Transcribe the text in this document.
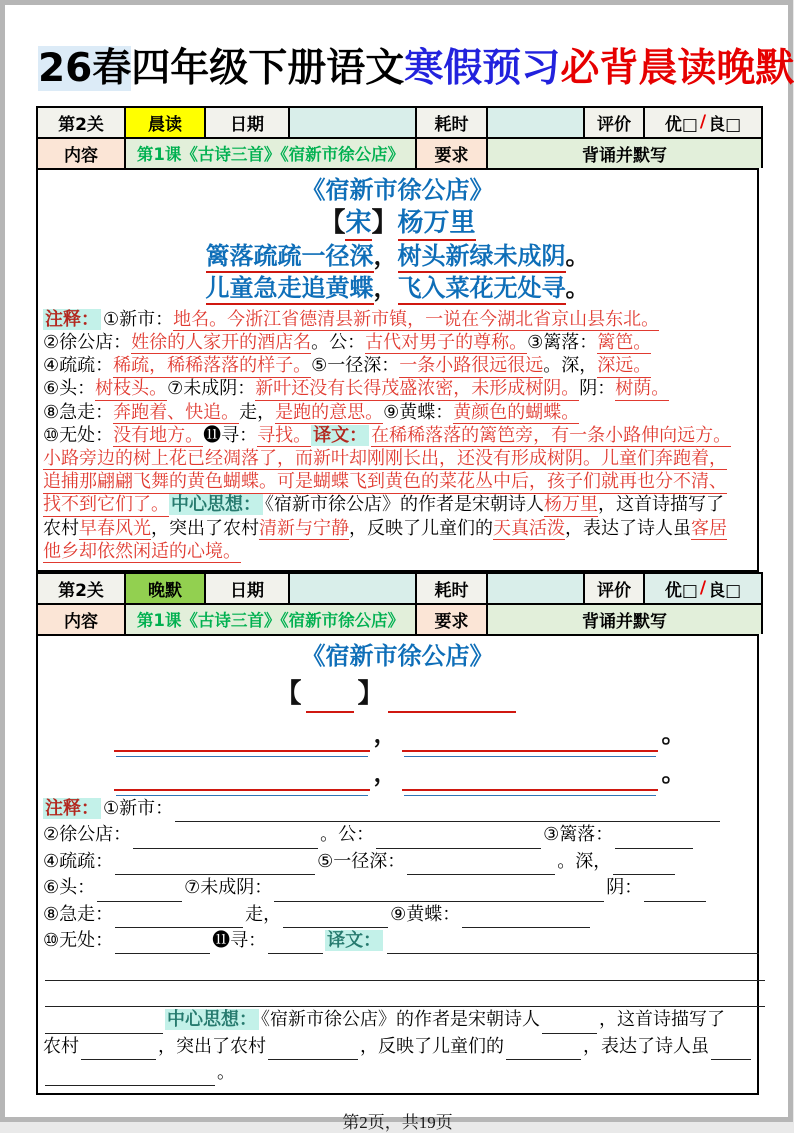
26春四年级下册语文寒假预习必背晨读晚默
第2关	晨读	日期	耗时	评价	优□ / 良□
内容	第1课《古诗三首》《宿新市徐公店》	要求	背诵并默写
《宿新市徐公店》
【宋】杨万里
篱落疏疏一径深，树头新绿未成阴。
儿童急走追黄蝶，飞入菜花无处寻。
注释： ①新市：地名。今浙江省德清县新市镇，一说在今湖北省京山县东北。
②徐公店：姓徐的人家开的酒店名。公：古代对男子的尊称。③篱落：篱笆。
④疏疏：稀疏，稀稀落落的样子。⑤一径深：一条小路很远很远。深，深远。
⑥头：树枝头。⑦未成阴：新叶还没有长得茂盛浓密，未形成树阴。阴：树荫。
⑧急走：奔跑着、快追。走，是跑的意思。⑨黄蝶：黄颜色的蝴蝶。
⑩无处：没有地方。⓫寻：寻找。 译文： 在稀稀落落的篱笆旁，有一条小路伸向远方。
小路旁边的树上花已经凋落了，而新叶却刚刚长出，还没有形成树阴。儿童们奔跑着，
追捕那翩翩飞舞的黄色蝴蝶。可是蝴蝶飞到黄色的菜花丛中后，孩子们就再也分不清、
找不到它们了。 中心思想： 《宿新市徐公店》的作者是宋朝诗人杨万里，这首诗描写了
农村早春风光，突出了农村清新与宁静，反映了儿童们的天真活泼，表达了诗人虽客居
他乡却依然闲适的心境。
第2关	晚默	日期	耗时	评价	优□ / 良□
内容	第1课《古诗三首》《宿新市徐公店》	要求	背诵并默写
《宿新市徐公店》
【 】
，	。
，	。
注释： ①新市：
②徐公店：	。公：	③篱落：
④疏疏：	⑤一径深：	。深，
⑥头：	⑦未成阴：	阴：
⑧急走：	走，	⑨黄蝶：
⑩无处：	⓫寻：	译文：

中心思想： 《宿新市徐公店》的作者是宋朝诗人	，这首诗描写了
农村	，突出了农村	，反映了儿童们的	，表达了诗人虽
。
第2页，共19页
